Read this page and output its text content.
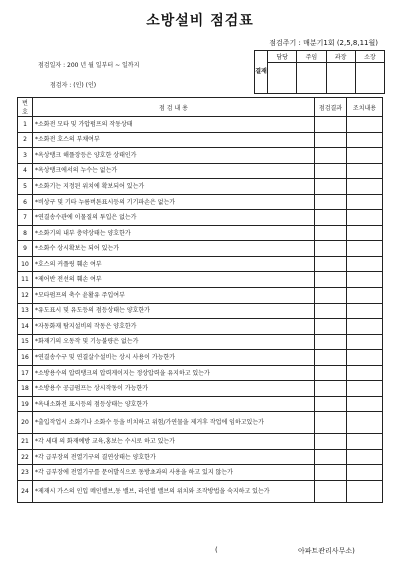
소방설비 점검표
점검주기 : 매분기1회 (2,5,8,11월)
점검일자 : 200 년 월 일부터 ~ 일까지
점검자 : (인) (인)
결재	담당	주임	과장	소장

번호	점 검 내 용	점검결과	조치내용
1	*소화전 모타 및 가압펌프의 작동상태		
2	*소화전 호스의 부채여부		
3	*옥상탱크 해플장등은 양호한 상태인가		
4	*옥상탱크에서의 누수는 없는가		
5	*소화기는 지정된 위치에 확보되어 있는가		
6	*비상구 및 기타 누름버튼표시등의 기기파손은 없는가		
7	*연결송수관에 이물질의 투입은 없는가		
8	*소화기의 내부 충약상태는 양호한가		
9	*소화수 상시확보는 되어 있는가		
10	*호스의 커플링 훼손 여부		
11	*제어반 전선의 훼손 여부		
12	*모타펌프의 축수 윤활유 주입여부		
13	*유도표시 및 유도등의 점등상태는 양호한가		
14	*자동화재 탐지설비의 작동은 양호한가		
15	*화재기의 오동작 및 기능불량은 없는가		
16	*연결송수구 및 연결살수설비는 상시 사용이 가능한가		
17	*소방용수의 압력탱크의 압력게이지는 정상압력을 유지하고 있는가		
18	*소방용수 공급펌프는 상시작동이 가능한가		
19	*옥내소화전 표시등의 점등상태는 양호한가		
20	*출입작업시 소화기나 소화수 등을 비치하고 위험/가연물을 제거후 작업에 임하고있는가		
21	*각 세대 의 화재예방 교육,홍보는 수시로 하고 있는가		
22	*각 급부장의 전열기구의 결연상태는 양호한가		
23	*각 급부장에 전열기구를 문어발식으로 동방쵸과의 사용을 하고 있지 않는가		
24	*제재시 가스의 인입 메인밸브,동 밸브, 라인별 밸브의 위치와 조작방법을 숙지하고 있는가		
(	아파트관리사무소)
